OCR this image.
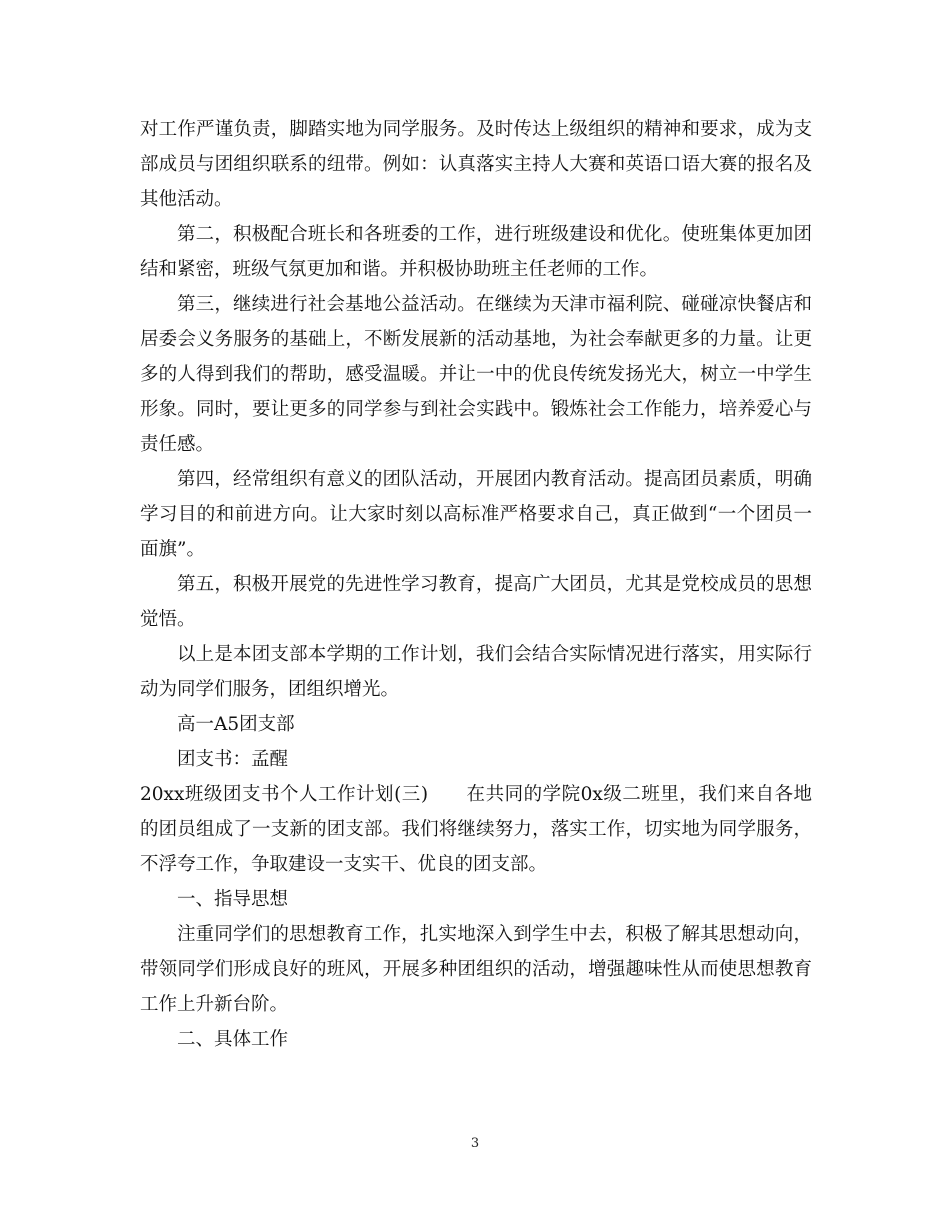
对工作严谨负责，脚踏实地为同学服务。及时传达上级组织的精神和要求，成为支部成员与团组织联系的纽带。例如：认真落实主持人大赛和英语口语大赛的报名及其他活动。

第二，积极配合班长和各班委的工作，进行班级建设和优化。使班集体更加团结和紧密，班级气氛更加和谐。并积极协助班主任老师的工作。

第三，继续进行社会基地公益活动。在继续为天津市福利院、碰碰凉快餐店和居委会义务服务的基础上，不断发展新的活动基地，为社会奉献更多的力量。让更多的人得到我们的帮助，感受温暖。并让一中的优良传统发扬光大，树立一中学生形象。同时，要让更多的同学参与到社会实践中。锻炼社会工作能力，培养爱心与责任感。

第四，经常组织有意义的团队活动，开展团内教育活动。提高团员素质，明确学习目的和前进方向。让大家时刻以高标准严格要求自己，真正做到“一个团员一面旗”。

第五，积极开展党的先进性学习教育，提高广大团员，尤其是党校成员的思想觉悟。

以上是本团支部本学期的工作计划，我们会结合实际情况进行落实，用实际行动为同学们服务，团组织增光。

高一A5团支部

团支书：孟醒

20xx班级团支书个人工作计划(三) 在共同的学院0x级二班里，我们来自各地的团员组成了一支新的团支部。我们将继续努力，落实工作，切实地为同学服务，不浮夸工作，争取建设一支实干、优良的团支部。

一、指导思想

注重同学们的思想教育工作，扎实地深入到学生中去，积极了解其思想动向，带领同学们形成良好的班风，开展多种团组织的活动，增强趣味性从而使思想教育工作上升新台阶。

二、具体工作

3
